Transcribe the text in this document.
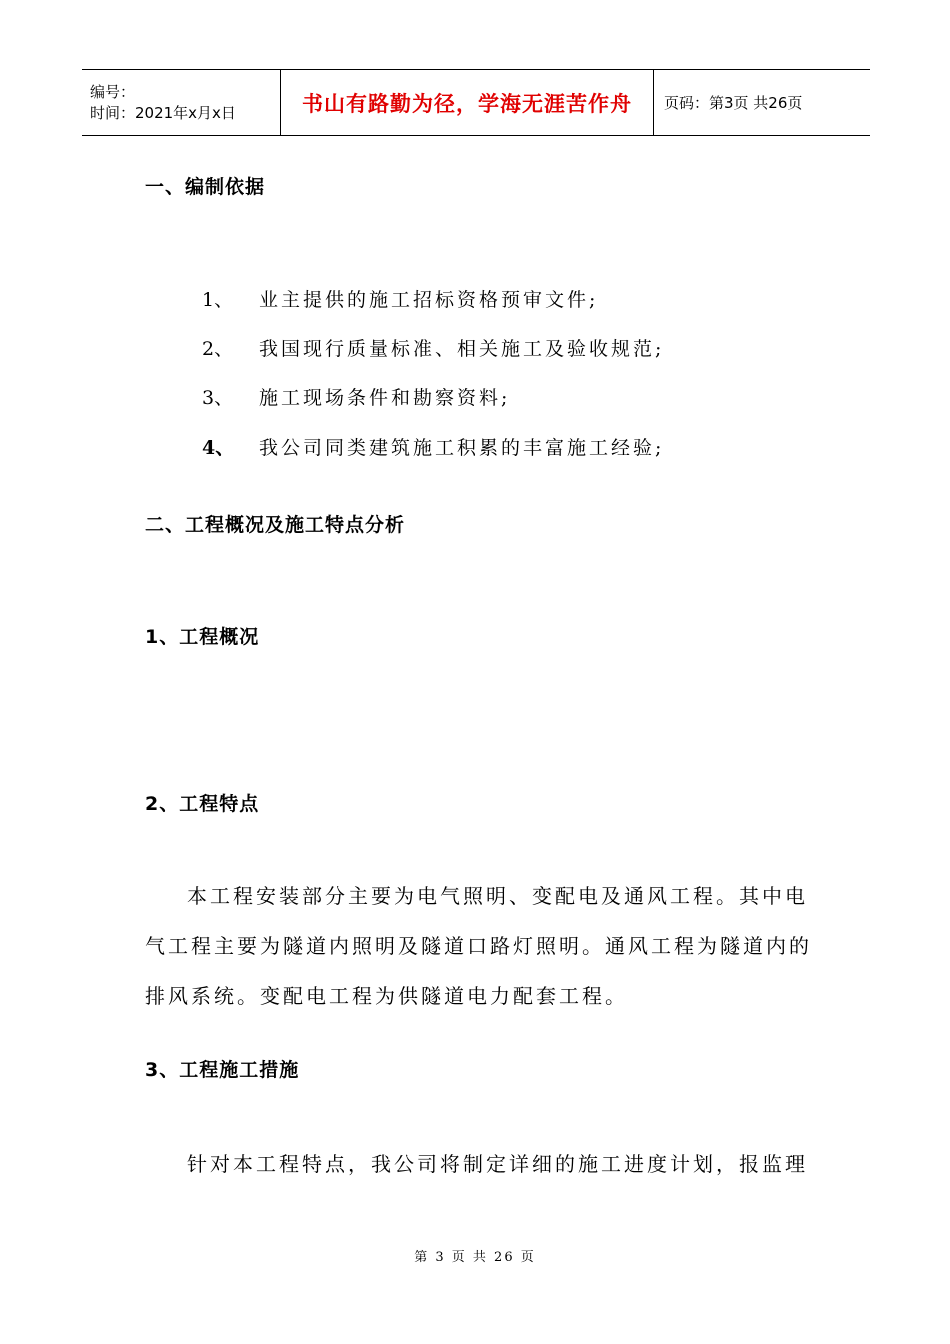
编号：
时间：2021年x月x日	书山有路勤为径，学海无涯苦作舟	页码：第3页 共26页
一、编制依据
1、 业主提供的施工招标资格预审文件;
2、 我国现行质量标准、相关施工及验收规范;
3、 施工现场条件和勘察资料;
4、 我公司同类建筑施工积累的丰富施工经验;
二、工程概况及施工特点分析
1、工程概况
2、工程特点

本工程安装部分主要为电气照明、变配电及通风工程。其中电

气工程主要为隧道内照明及隧道口路灯照明。通风工程为隧道内的

排风系统。变配电工程为供隧道电力配套工程。

3、工程施工措施

针对本工程特点，我公司将制定详细的施工进度计划，报监理

第 3 页 共 26 页
